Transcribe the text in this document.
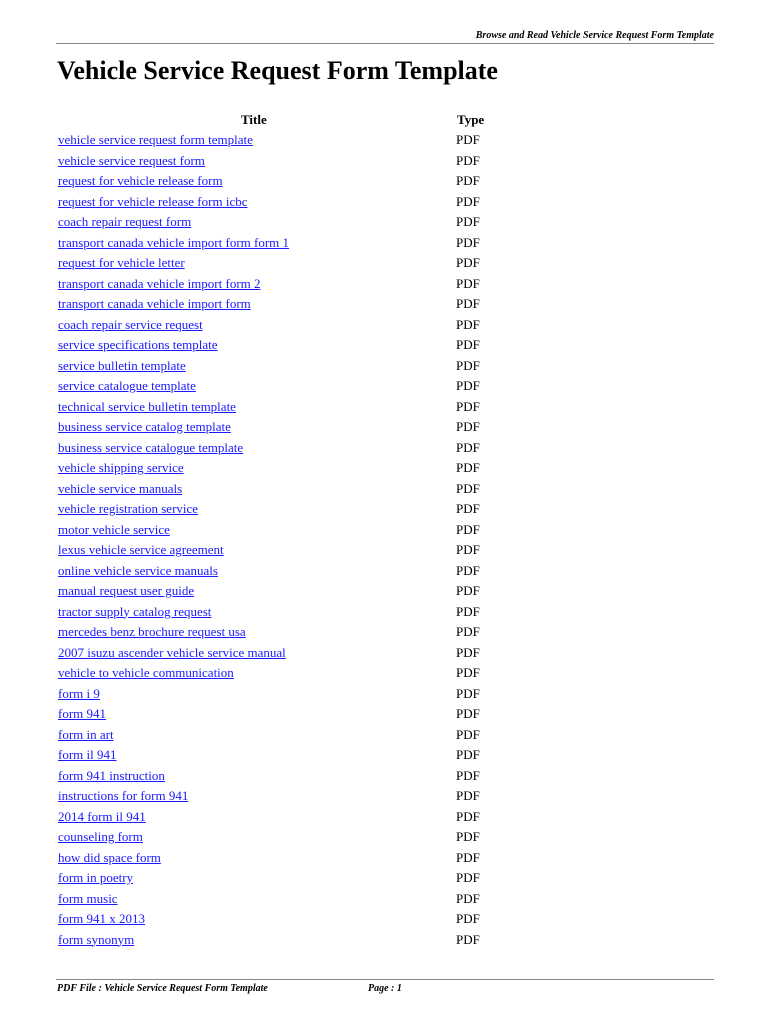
Browse and Read Vehicle Service Request Form Template
Vehicle Service Request Form Template
Title	Type
vehicle service request form template	PDF
vehicle service request form	PDF
request for vehicle release form	PDF
request for vehicle release form icbc	PDF
coach repair request form	PDF
transport canada vehicle import form form 1	PDF
request for vehicle letter	PDF
transport canada vehicle import form 2	PDF
transport canada vehicle import form	PDF
coach repair service request	PDF
service specifications template	PDF
service bulletin template	PDF
service catalogue template	PDF
technical service bulletin template	PDF
business service catalog template	PDF
business service catalogue template	PDF
vehicle shipping service	PDF
vehicle service manuals	PDF
vehicle registration service	PDF
motor vehicle service	PDF
lexus vehicle service agreement	PDF
online vehicle service manuals	PDF
manual request user guide	PDF
tractor supply catalog request	PDF
mercedes benz brochure request usa	PDF
2007 isuzu ascender vehicle service manual	PDF
vehicle to vehicle communication	PDF
form i 9	PDF
form 941	PDF
form in art	PDF
form il 941	PDF
form 941 instruction	PDF
instructions for form 941	PDF
2014 form il 941	PDF
counseling form	PDF
how did space form	PDF
form in poetry	PDF
form music	PDF
form 941 x 2013	PDF
form synonym	PDF
PDF File : Vehicle Service Request Form Template	Page : 1
